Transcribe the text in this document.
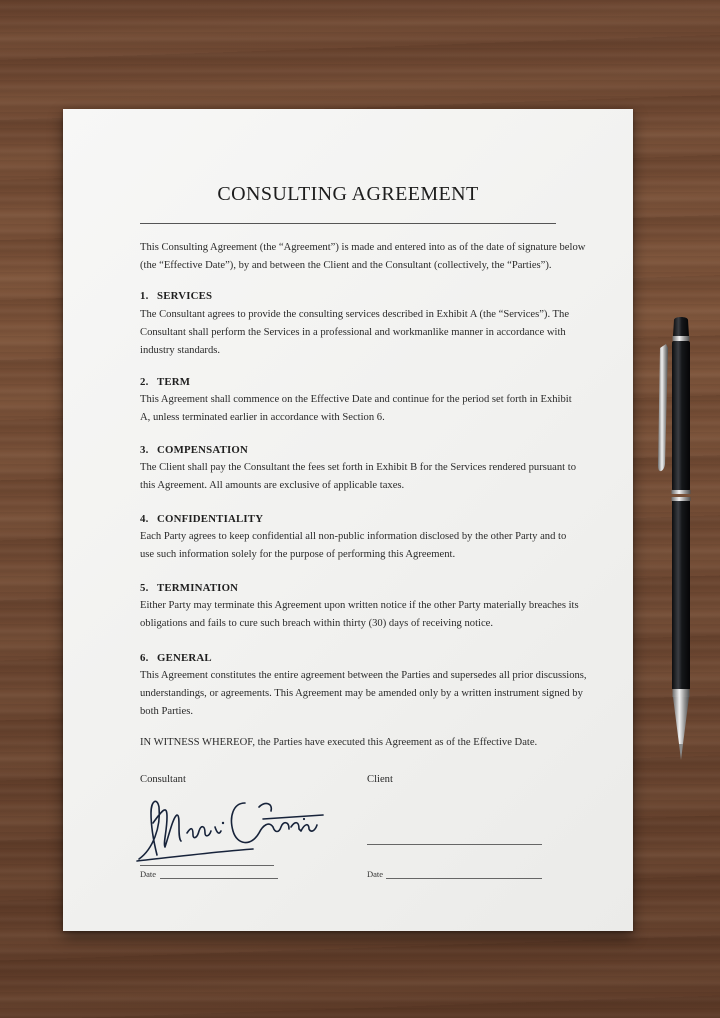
CONSULTING AGREEMENT
This Consulting Agreement (the “Agreement”) is made and entered into as of the date of signature below (the “Effective Date”), by and between the Client and the Consultant (collectively, the “Parties”).
1. SERVICES
The Consultant agrees to provide the consulting services described in Exhibit A (the “Services”). The Consultant shall perform the Services in a professional and workmanlike manner in accordance with industry standards.
2. TERM
This Agreement shall commence on the Effective Date and continue for the period set forth in Exhibit A, unless terminated earlier in accordance with Section 6.
3. COMPENSATION
The Client shall pay the Consultant the fees set forth in Exhibit B for the Services rendered pursuant to this Agreement. All amounts are exclusive of applicable taxes.
4. CONFIDENTIALITY
Each Party agrees to keep confidential all non-public information disclosed by the other Party and to use such information solely for the purpose of performing this Agreement.
5. TERMINATION
Either Party may terminate this Agreement upon written notice if the other Party materially breaches its obligations and fails to cure such breach within thirty (30) days of receiving notice.
6. GENERAL
This Agreement constitutes the entire agreement between the Parties and supersedes all prior discussions, understandings, or agreements. This Agreement may be amended only by a written instrument signed by both Parties.
IN WITNESS WHEREOF, the Parties have executed this Agreement as of the Effective Date.
Consultant	Client
Date	Date
